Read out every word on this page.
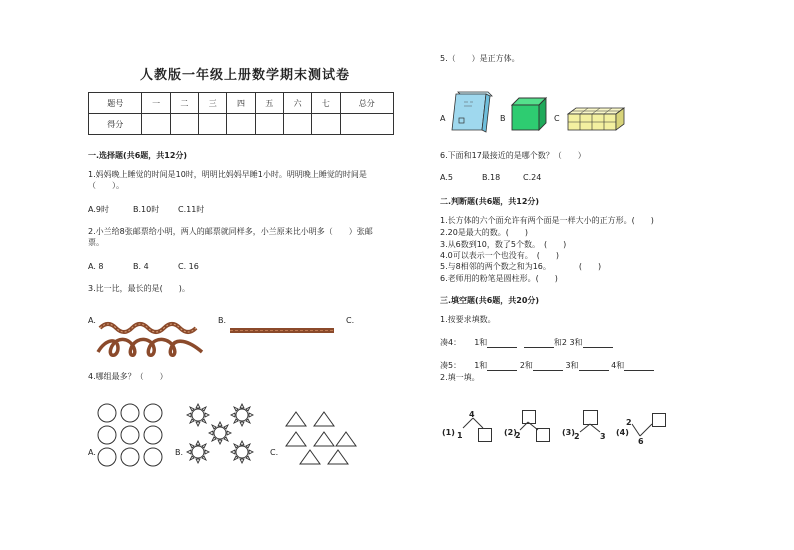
人教版一年级上册数学期末测试卷
题号	一	二	三	四	五	六	七	总分
得分								
一.选择题(共6题，共12分)
1.妈妈晚上睡觉的时间是10时，明明比妈妈早睡1小时。明明晚上睡觉的时间是
（　　）。
A.9时	B.10时 C.11时
2.小兰给8张邮票给小明，两人的邮票就同样多，小兰原来比小明多（　　）张邮
票。
A. 8	B. 4	C. 16
3.比一比，最长的是(　　)。
A.	B.	C.
4.哪组最多？（　　）
A.	B.	C.
5.（　　）是正方体。
A	B	C
6.下面和17最接近的是哪个数？（　　）
A.5	B.18	C.24
二.判断题(共6题，共12分)
1.长方体的六个面允许有两个面是一样大小的正方形。(　　)
2.20是最大的数。(　　)
3.从6数到10，数了5个数。　(　　)
4.0可以表示一个也没有。　(　　)
5.与8相邻的两个数之和为16。　　　　(　　)
6.老师用的粉笔是圆柱形。(　　)
三.填空题(共6题，共20分)
1.按要求填数。
凑4： 1和	和2 3和
凑5： 1和	2和	3和	4和
2.填一填。
(1)	(2)	(3)	(4)
4
1	2	2	3
2
6
